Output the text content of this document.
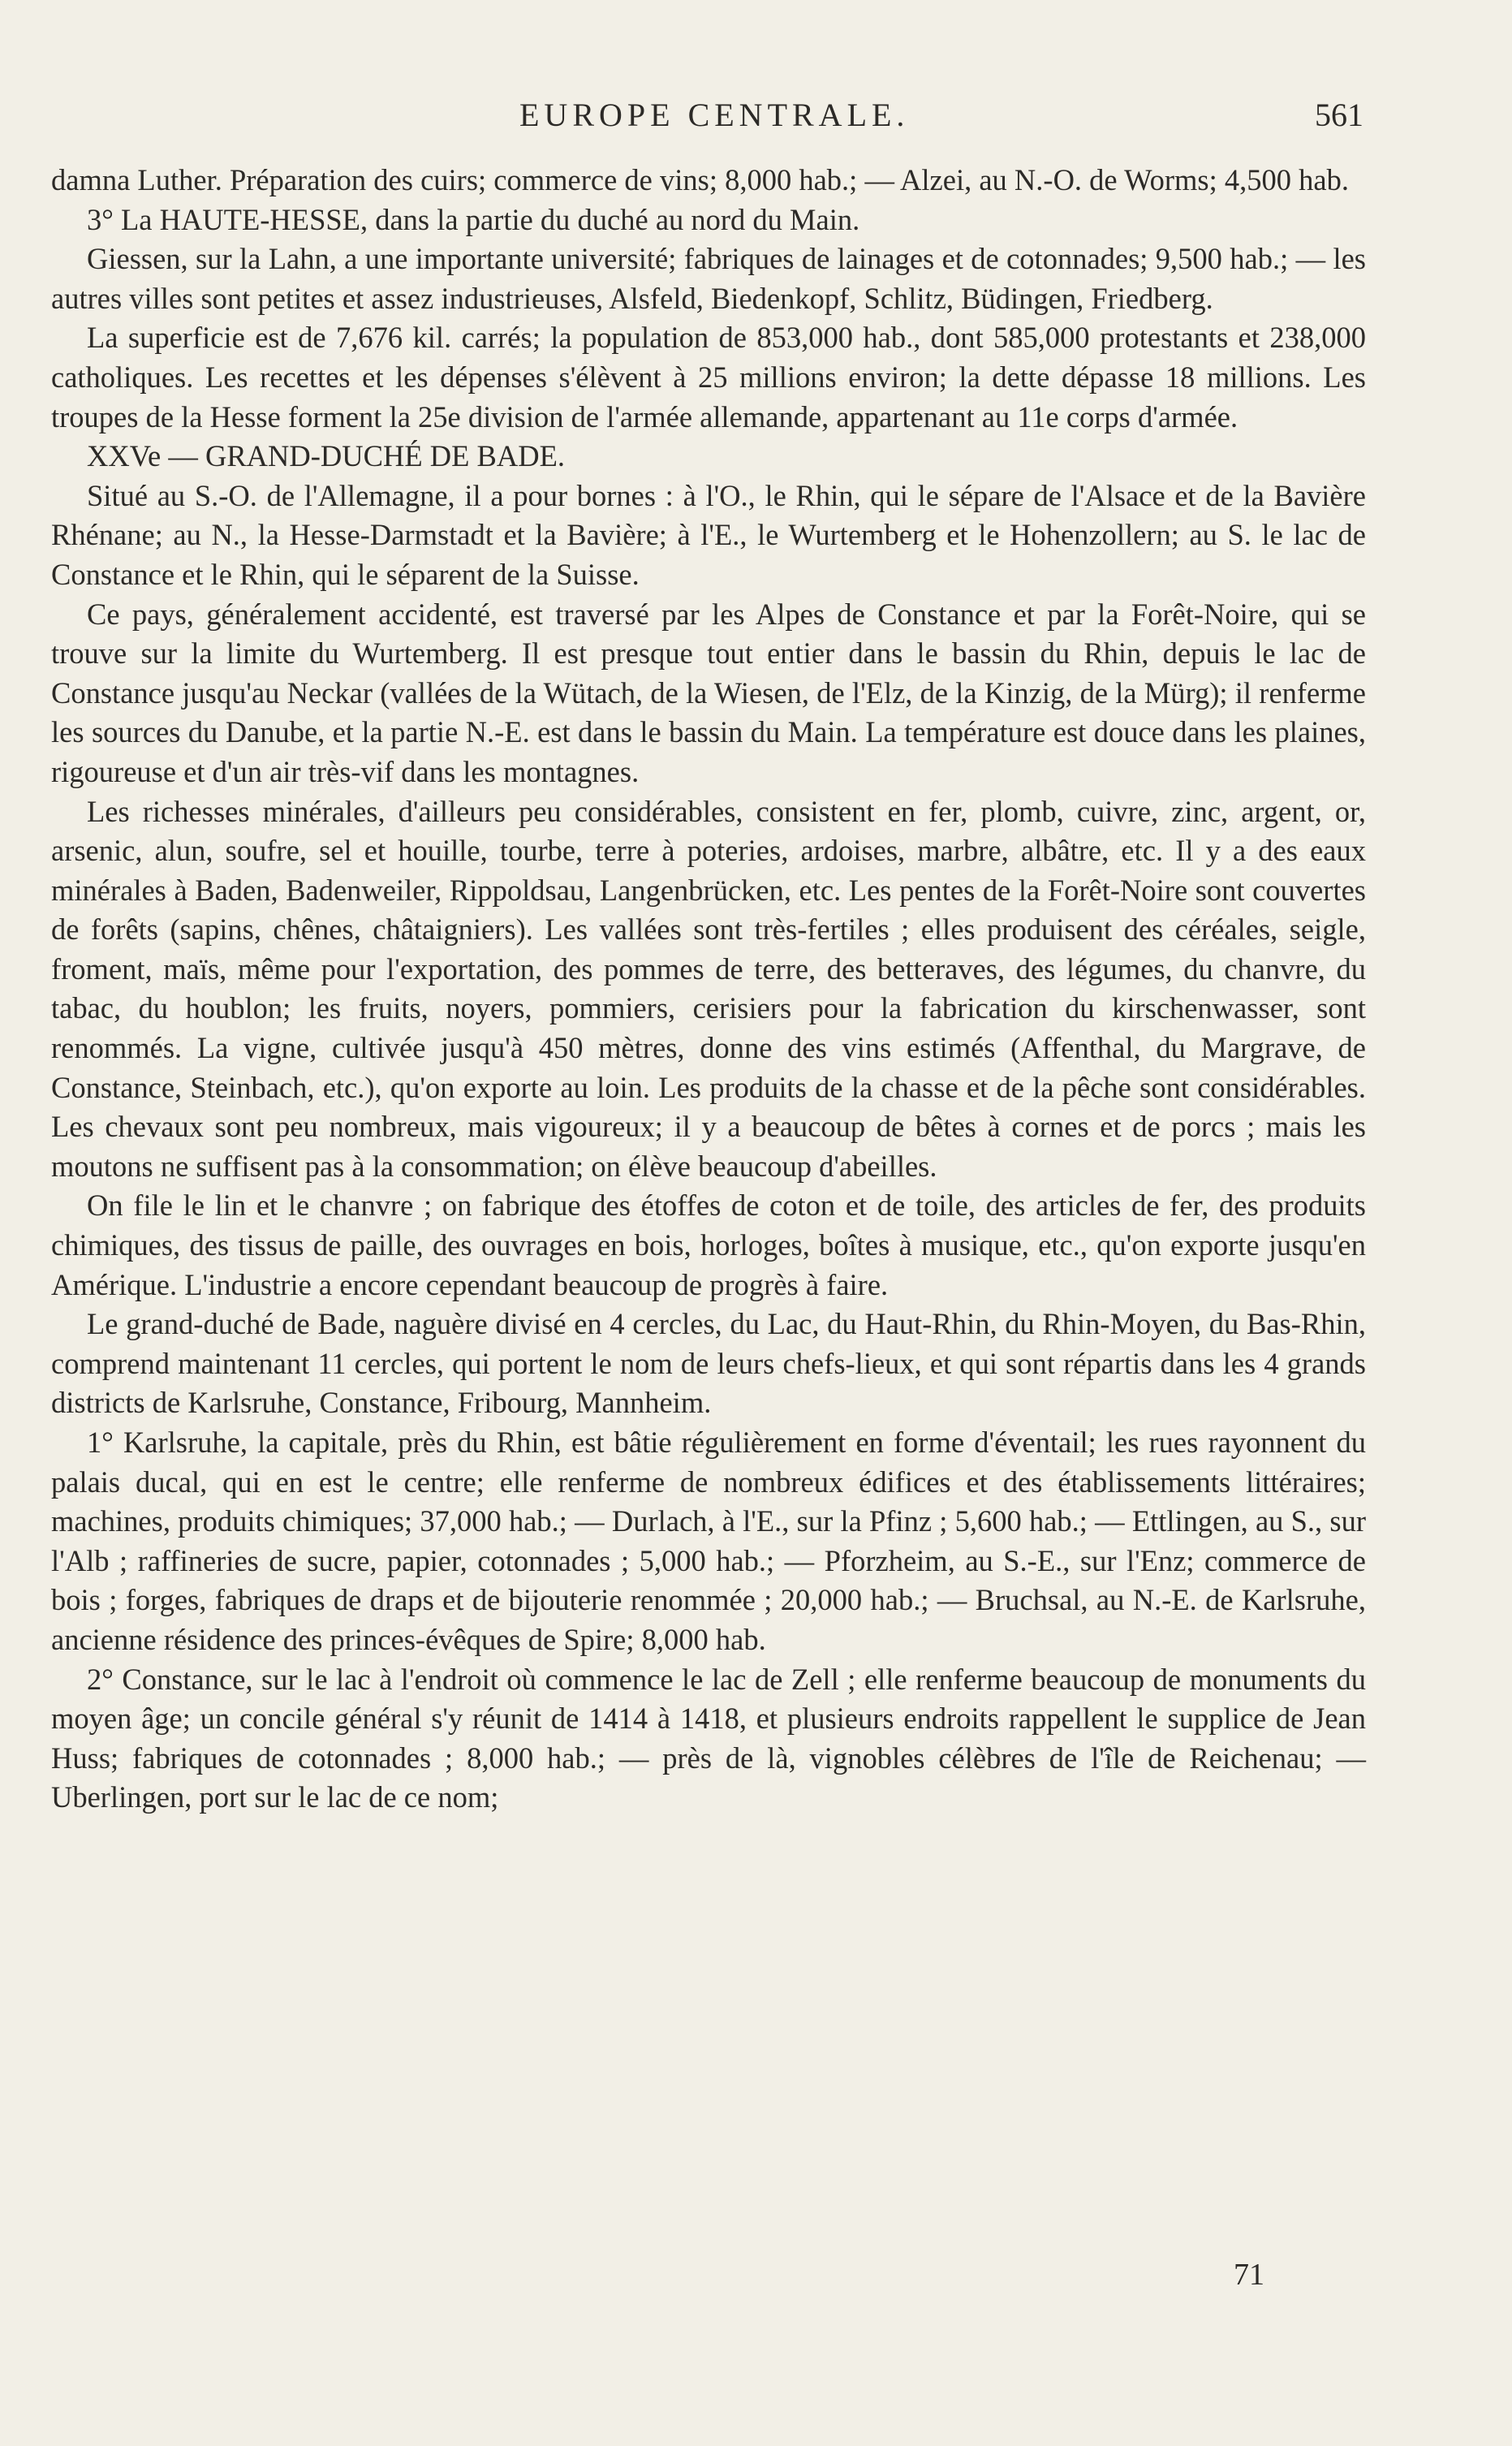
EUROPE CENTRALE.	561

damna Luther. Préparation des cuirs; commerce de vins; 8,000 hab.; — Alzei, au N.-O. de Worms; 4,500 hab.

3° La HAUTE-HESSE, dans la partie du duché au nord du Main.

Giessen, sur la Lahn, a une importante université; fabriques de lainages et de cotonnades; 9,500 hab.; — les autres villes sont petites et assez industrieuses, Alsfeld, Biedenkopf, Schlitz, Büdingen, Friedberg.

La superficie est de 7,676 kil. carrés; la population de 853,000 hab., dont 585,000 protestants et 238,000 catholiques. Les recettes et les dépenses s'élèvent à 25 millions environ; la dette dépasse 18 millions. Les troupes de la Hesse forment la 25e division de l'armée allemande, appartenant au 11e corps d'armée.

XXVe — GRAND-DUCHÉ DE BADE.

Situé au S.-O. de l'Allemagne, il a pour bornes : à l'O., le Rhin, qui le sépare de l'Alsace et de la Bavière Rhénane; au N., la Hesse-Darmstadt et la Bavière; à l'E., le Wurtemberg et le Hohenzollern; au S. le lac de Constance et le Rhin, qui le séparent de la Suisse.

Ce pays, généralement accidenté, est traversé par les Alpes de Constance et par la Forêt-Noire, qui se trouve sur la limite du Wurtemberg. Il est presque tout entier dans le bassin du Rhin, depuis le lac de Constance jusqu'au Neckar (vallées de la Wütach, de la Wiesen, de l'Elz, de la Kinzig, de la Mürg); il renferme les sources du Danube, et la partie N.-E. est dans le bassin du Main. La température est douce dans les plaines, rigoureuse et d'un air très-vif dans les montagnes.

Les richesses minérales, d'ailleurs peu considérables, consistent en fer, plomb, cuivre, zinc, argent, or, arsenic, alun, soufre, sel et houille, tourbe, terre à poteries, ardoises, marbre, albâtre, etc. Il y a des eaux minérales à Baden, Badenweiler, Rippoldsau, Langenbrücken, etc. Les pentes de la Forêt-Noire sont couvertes de forêts (sapins, chênes, châtaigniers). Les vallées sont très-fertiles ; elles produisent des céréales, seigle, froment, maïs, même pour l'exportation, des pommes de terre, des betteraves, des légumes, du chanvre, du tabac, du houblon; les fruits, noyers, pommiers, cerisiers pour la fabrication du kirschenwasser, sont renommés. La vigne, cultivée jusqu'à 450 mètres, donne des vins estimés (Affenthal, du Margrave, de Constance, Steinbach, etc.), qu'on exporte au loin. Les produits de la chasse et de la pêche sont considérables. Les chevaux sont peu nombreux, mais vigoureux; il y a beaucoup de bêtes à cornes et de porcs ; mais les moutons ne suffisent pas à la consommation; on élève beaucoup d'abeilles.

On file le lin et le chanvre ; on fabrique des étoffes de coton et de toile, des articles de fer, des produits chimiques, des tissus de paille, des ouvrages en bois, horloges, boîtes à musique, etc., qu'on exporte jusqu'en Amérique. L'industrie a encore cependant beaucoup de progrès à faire.

Le grand-duché de Bade, naguère divisé en 4 cercles, du Lac, du Haut-Rhin, du Rhin-Moyen, du Bas-Rhin, comprend maintenant 11 cercles, qui portent le nom de leurs chefs-lieux, et qui sont répartis dans les 4 grands districts de Karlsruhe, Constance, Fribourg, Mannheim.

1° Karlsruhe, la capitale, près du Rhin, est bâtie régulièrement en forme d'éventail; les rues rayonnent du palais ducal, qui en est le centre; elle renferme de nombreux édifices et des établissements littéraires; machines, produits chimiques; 37,000 hab.; — Durlach, à l'E., sur la Pfinz ; 5,600 hab.; — Ettlingen, au S., sur l'Alb ; raffineries de sucre, papier, cotonnades ; 5,000 hab.; — Pforzheim, au S.-E., sur l'Enz; commerce de bois ; forges, fabriques de draps et de bijouterie renommée ; 20,000 hab.; — Bruchsal, au N.-E. de Karlsruhe, ancienne résidence des princes-évêques de Spire; 8,000 hab.

2° Constance, sur le lac à l'endroit où commence le lac de Zell ; elle renferme beaucoup de monuments du moyen âge; un concile général s'y réunit de 1414 à 1418, et plusieurs endroits rappellent le supplice de Jean Huss; fabriques de cotonnades ; 8,000 hab.; — près de là, vignobles célèbres de l'île de Reichenau; — Uberlingen, port sur le lac de ce nom;

71
